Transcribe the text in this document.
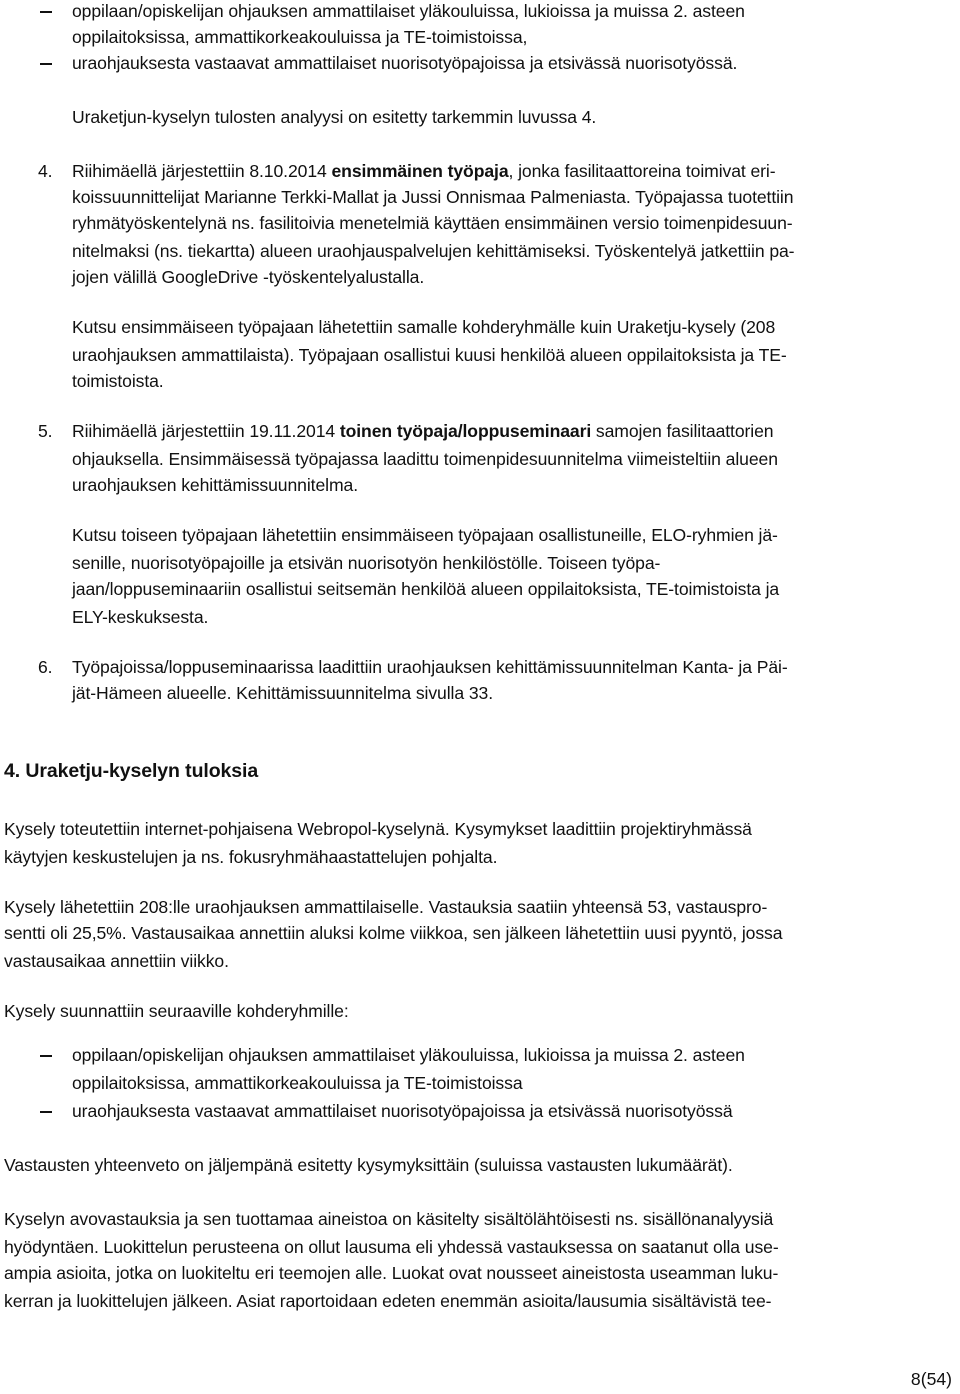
oppilaan/opiskelijan ohjauksen ammattilaiset yläkouluissa, lukioissa ja muissa 2. asteen
oppilaitoksissa, ammattikorkeakouluissa ja TE-toimistoissa,
uraohjauksesta vastaavat ammattilaiset nuorisotyöpajoissa ja etsivässä nuorisotyössä.
Uraketjun-kyselyn tulosten analyysi on esitetty tarkemmin luvussa 4.
4. Riihimäellä järjestettiin 8.10.2014 ensimmäinen työpaja, jonka fasilitaattoreina toimivat eri-
koissuunnittelijat Marianne Terkki-Mallat ja Jussi Onnismaa Palmeniasta. Työpajassa tuotettiin
ryhmätyöskentelynä ns. fasilitoivia menetelmiä käyttäen ensimmäinen versio toimenpidesuun-
nitelmaksi (ns. tiekartta) alueen uraohjauspalvelujen kehittämiseksi. Työskentelyä jatkettiin pa-
jojen välillä GoogleDrive -työskentelyalustalla.
Kutsu ensimmäiseen työpajaan lähetettiin samalle kohderyhmälle kuin Uraketju-kysely (208
uraohjauksen ammattilaista). Työpajaan osallistui kuusi henkilöä alueen oppilaitoksista ja TE-
toimistoista.
5. Riihimäellä järjestettiin 19.11.2014 toinen työpaja/loppuseminaari samojen fasilitaattorien
ohjauksella. Ensimmäisessä työpajassa laadittu toimenpidesuunnitelma viimeisteltiin alueen
uraohjauksen kehittämissuunnitelma.
Kutsu toiseen työpajaan lähetettiin ensimmäiseen työpajaan osallistuneille, ELO-ryhmien jä-
senille, nuorisotyöpajoille ja etsivän nuorisotyön henkilöstölle. Toiseen työpa-
jaan/loppuseminaariin osallistui seitsemän henkilöä alueen oppilaitoksista, TE-toimistoista ja
ELY-keskuksesta.
6. Työpajoissa/loppuseminaarissa laadittiin uraohjauksen kehittämissuunnitelman Kanta- ja Päi-
jät-Hämeen alueelle. Kehittämissuunnitelma sivulla 33.
4. Uraketju-kyselyn tuloksia
Kysely toteutettiin internet-pohjaisena Webropol-kyselynä. Kysymykset laadittiin projektiryhmässä
käytyjen keskustelujen ja ns. fokusryhmähaastattelujen pohjalta.
Kysely lähetettiin 208:lle uraohjauksen ammattilaiselle. Vastauksia saatiin yhteensä 53, vastauspro-
sentti oli 25,5%. Vastausaikaa annettiin aluksi kolme viikkoa, sen jälkeen lähetettiin uusi pyyntö, jossa
vastausaikaa annettiin viikko.
Kysely suunnattiin seuraaville kohderyhmille:
oppilaan/opiskelijan ohjauksen ammattilaiset yläkouluissa, lukioissa ja muissa 2. asteen
oppilaitoksissa, ammattikorkeakouluissa ja TE-toimistoissa
uraohjauksesta vastaavat ammattilaiset nuorisotyöpajoissa ja etsivässä nuorisotyössä
Vastausten yhteenveto on jäljempänä esitetty kysymyksittäin (suluissa vastausten lukumäärät).
Kyselyn avovastauksia ja sen tuottamaa aineistoa on käsitelty sisältölähtöisesti ns. sisällönanalyysiä
hyödyntäen. Luokittelun perusteena on ollut lausuma eli yhdessä vastauksessa on saatanut olla use-
ampia asioita, jotka on luokiteltu eri teemojen alle. Luokat ovat nousseet aineistosta useamman luku-
kerran ja luokittelujen jälkeen. Asiat raportoidaan edeten enemmän asioita/lausumia sisältävistä tee-
8(54)
